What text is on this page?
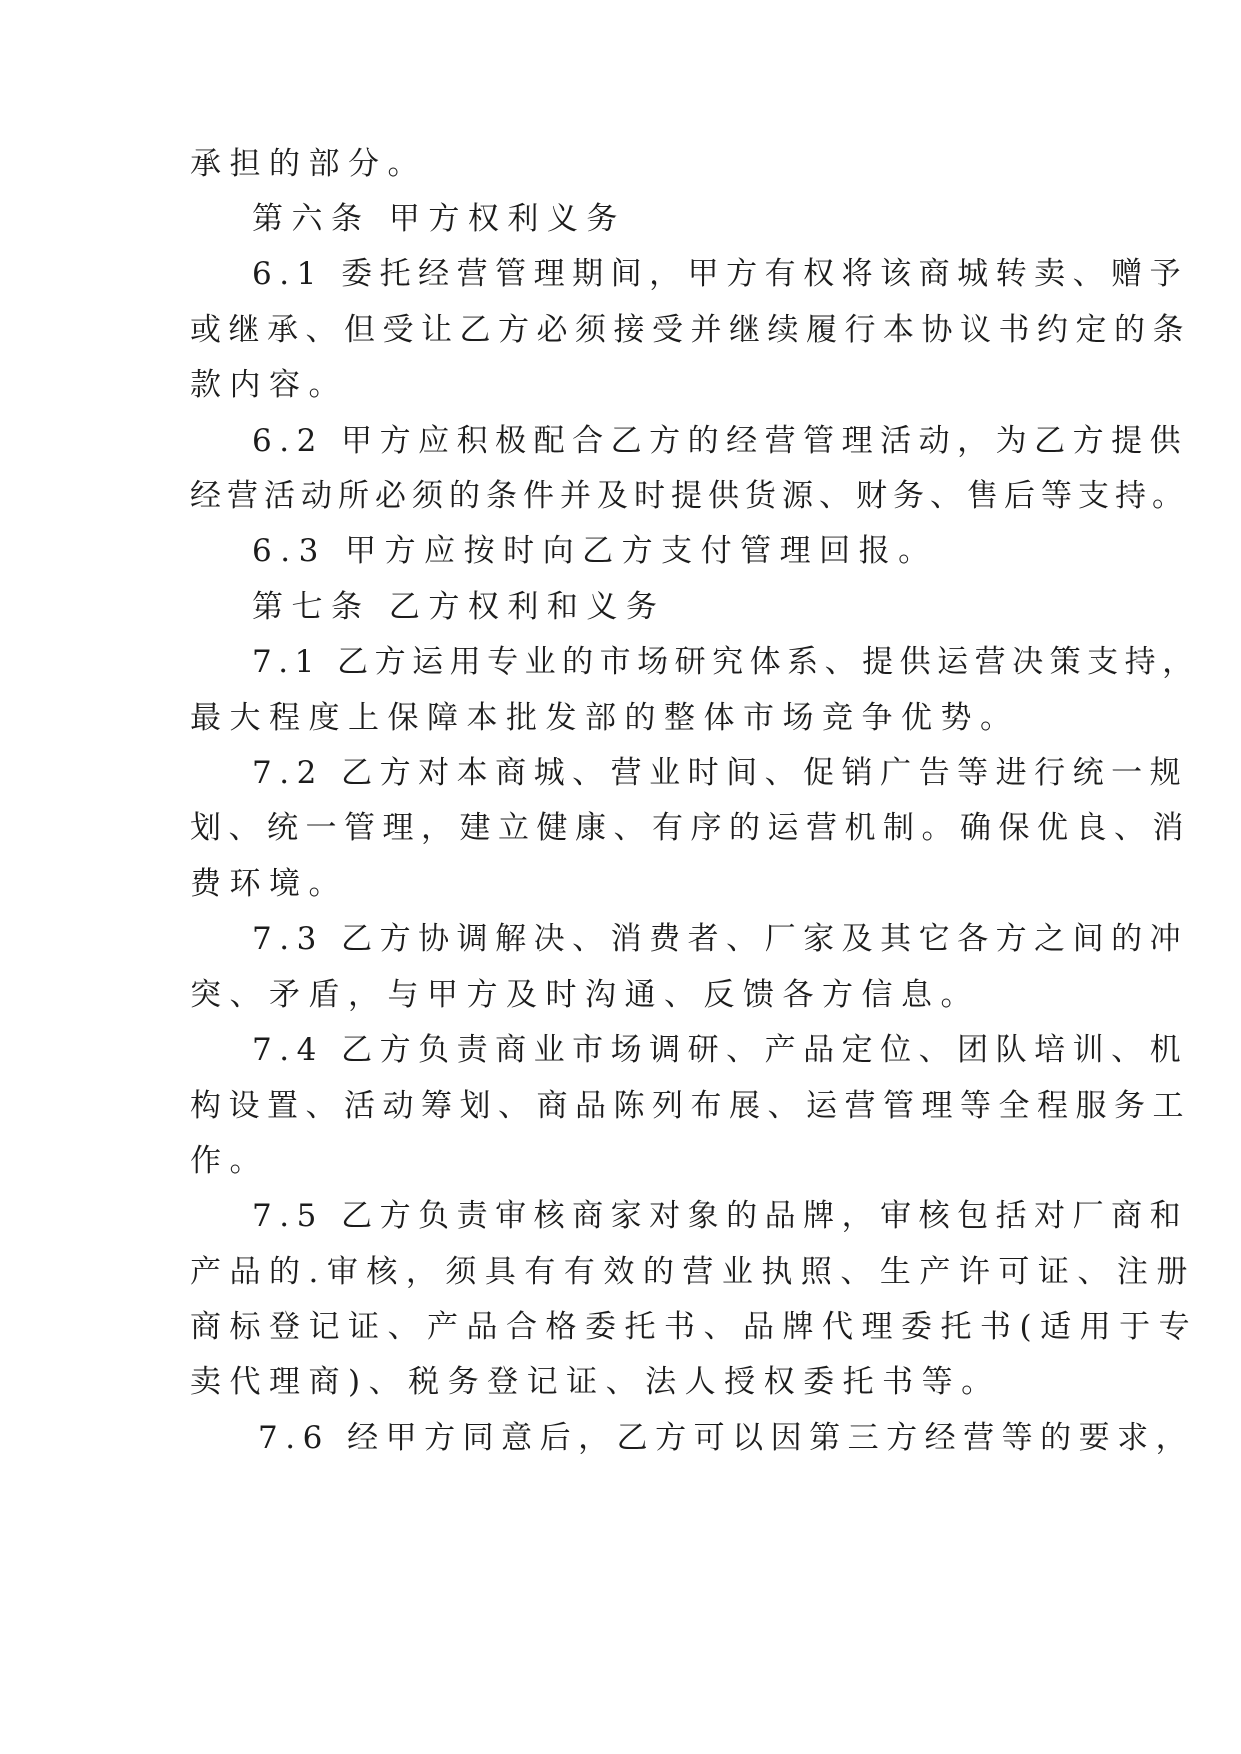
承担的部分。

第六条 甲方权利义务

6.1 委托经营管理期间，甲方有权将该商城转卖、赠予

或继承、但受让乙方必须接受并继续履行本协议书约定的条

款内容。

6.2 甲方应积极配合乙方的经营管理活动，为乙方提供

经营活动所必须的条件并及时提供货源、财务、售后等支持。

6.3 甲方应按时向乙方支付管理回报。

第七条 乙方权利和义务

7.1 乙方运用专业的市场研究体系、提供运营决策支持，

最大程度上保障本批发部的整体市场竞争优势。

7.2 乙方对本商城、营业时间、促销广告等进行统一规

划、统一管理，建立健康、有序的运营机制。确保优良、消

费环境。

7.3 乙方协调解决、消费者、厂家及其它各方之间的冲

突、矛盾，与甲方及时沟通、反馈各方信息。

7.4 乙方负责商业市场调研、产品定位、团队培训、机

构设置、活动筹划、商品陈列布展、运营管理等全程服务工

作。

7.5 乙方负责审核商家对象的品牌，审核包括对厂商和

产品的.审核，须具有有效的营业执照、生产许可证、注册

商标登记证、产品合格委托书、品牌代理委托书(适用于专

卖代理商)、税务登记证、法人授权委托书等。

7.6 经甲方同意后，乙方可以因第三方经营等的要求，
